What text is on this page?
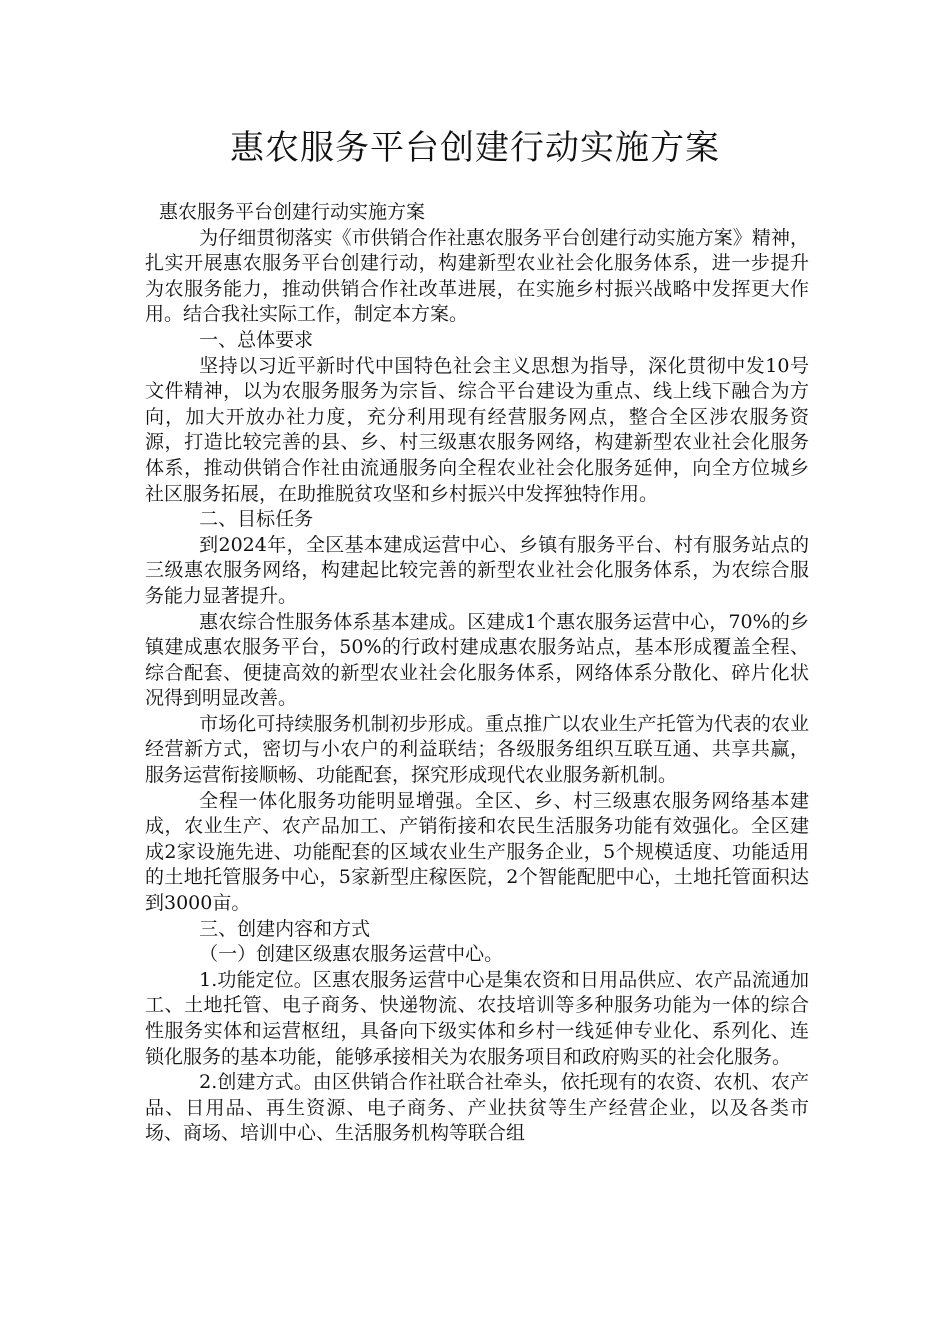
惠农服务平台创建行动实施方案

惠农服务平台创建行动实施方案

为仔细贯彻落实《市供销合作社惠农服务平台创建行动实施方案》精神，扎实开展惠农服务平台创建行动，构建新型农业社会化服务体系，进一步提升为农服务能力，推动供销合作社改革进展，在实施乡村振兴战略中发挥更大作用。结合我社实际工作，制定本方案。

一、总体要求

坚持以习近平新时代中国特色社会主义思想为指导，深化贯彻中发10号文件精神，以为农服务服务为宗旨、综合平台建设为重点、线上线下融合为方向，加大开放办社力度，充分利用现有经营服务网点，整合全区涉农服务资源，打造比较完善的县、乡、村三级惠农服务网络，构建新型农业社会化服务体系，推动供销合作社由流通服务向全程农业社会化服务延伸，向全方位城乡社区服务拓展，在助推脱贫攻坚和乡村振兴中发挥独特作用。

二、目标任务

到2024年，全区基本建成运营中心、乡镇有服务平台、村有服务站点的三级惠农服务网络，构建起比较完善的新型农业社会化服务体系，为农综合服务能力显著提升。

惠农综合性服务体系基本建成。区建成1个惠农服务运营中心，70%的乡镇建成惠农服务平台，50%的行政村建成惠农服务站点，基本形成覆盖全程、综合配套、便捷高效的新型农业社会化服务体系，网络体系分散化、碎片化状况得到明显改善。

市场化可持续服务机制初步形成。重点推广以农业生产托管为代表的农业经营新方式，密切与小农户的利益联结；各级服务组织互联互通、共享共赢，服务运营衔接顺畅、功能配套，探究形成现代农业服务新机制。

全程一体化服务功能明显增强。全区、乡、村三级惠农服务网络基本建成，农业生产、农产品加工、产销衔接和农民生活服务功能有效强化。全区建成2家设施先进、功能配套的区域农业生产服务企业，5个规模适度、功能适用的土地托管服务中心，5家新型庄稼医院，2个智能配肥中心，土地托管面积达到3000亩。

三、创建内容和方式

（一）创建区级惠农服务运营中心。

1.功能定位。区惠农服务运营中心是集农资和日用品供应、农产品流通加工、土地托管、电子商务、快递物流、农技培训等多种服务功能为一体的综合性服务实体和运营枢纽，具备向下级实体和乡村一线延伸专业化、系列化、连锁化服务的基本功能，能够承接相关为农服务项目和政府购买的社会化服务。

2.创建方式。由区供销合作社联合社牵头，依托现有的农资、农机、农产品、日用品、再生资源、电子商务、产业扶贫等生产经营企业，以及各类市场、商场、培训中心、生活服务机构等联合组
